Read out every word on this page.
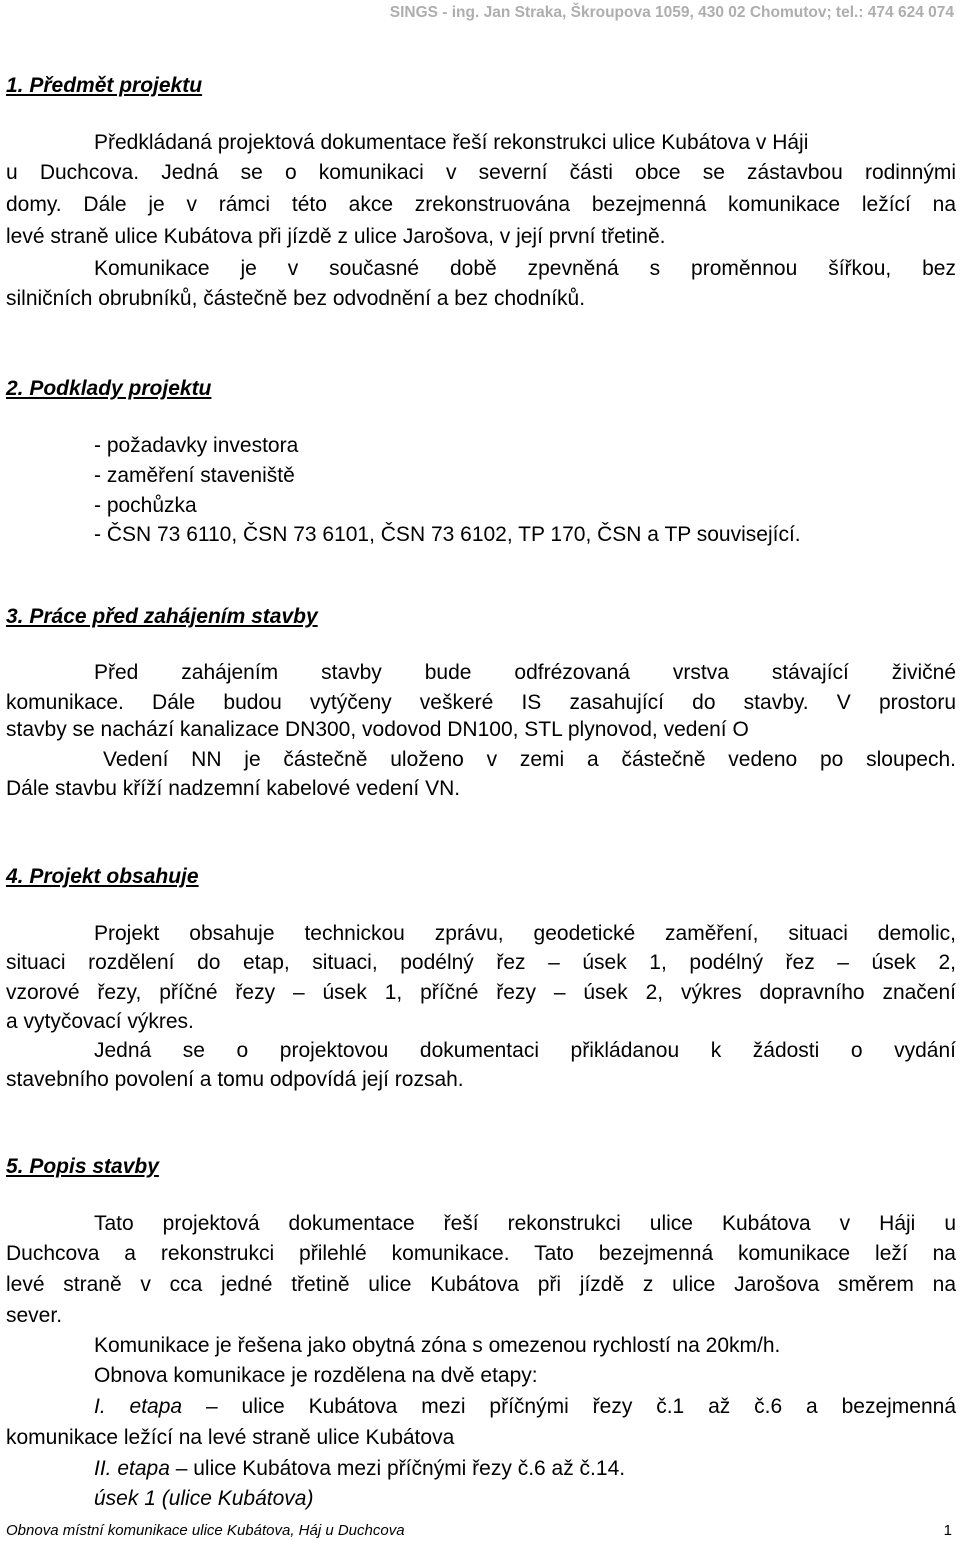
SINGS - ing. Jan Straka, Škroupova 1059, 430 02 Chomutov; tel.: 474 624 074
1. Předmět projektu
Předkládaná projektová dokumentace řeší rekonstrukci ulice Kubátova v Háji
u Duchcova. Jedná se o komunikaci v severní části obce se zástavbou rodinnými
domy. Dále je v rámci této akce zrekonstruována bezejmenná komunikace ležící na
levé straně ulice Kubátova při jízdě z ulice Jarošova, v její první třetině.
Komunikace je v současné době zpevněná s proměnnou šířkou, bez
silničních obrubníků, částečně bez odvodnění a bez chodníků.
2. Podklady projektu
- požadavky investora
- zaměření staveniště
- pochůzka
- ČSN 73 6110, ČSN 73 6101, ČSN 73 6102, TP 170, ČSN a TP související.
3. Práce před zahájením stavby
Před zahájením stavby bude odfrézovaná vrstva stávající živičné
komunikace. Dále budou vytýčeny veškeré IS zasahující do stavby. V prostoru
stavby se nachází kanalizace DN300, vodovod DN100, STL plynovod, vedení O
Vedení NN je částečně uloženo v zemi a částečně vedeno po sloupech.
Dále stavbu kříží nadzemní kabelové vedení VN.
4. Projekt obsahuje
Projekt obsahuje technickou zprávu, geodetické zaměření, situaci demolic,
situaci rozdělení do etap, situaci, podélný řez – úsek 1, podélný řez – úsek 2,
vzorové řezy, příčné řezy – úsek 1, příčné řezy – úsek 2, výkres dopravního značení
a vytyčovací výkres.
Jedná se o projektovou dokumentaci přikládanou k žádosti o vydání
stavebního povolení a tomu odpovídá její rozsah.
5. Popis stavby
Tato projektová dokumentace řeší rekonstrukci ulice Kubátova v Háji u
Duchcova a rekonstrukci přilehlé komunikace. Tato bezejmenná komunikace leží na
levé straně v cca jedné třetině ulice Kubátova při jízdě z ulice Jarošova směrem na
sever.
Komunikace je řešena jako obytná zóna s omezenou rychlostí na 20km/h.
Obnova komunikace je rozdělena na dvě etapy:
I. etapa – ulice Kubátova mezi příčnými řezy č.1 až č.6 a bezejmenná
komunikace ležící na levé straně ulice Kubátova
II. etapa – ulice Kubátova mezi příčnými řezy č.6 až č.14.
úsek 1 (ulice Kubátova)
Obnova místní komunikace ulice Kubátova, Háj u Duchcova	1
